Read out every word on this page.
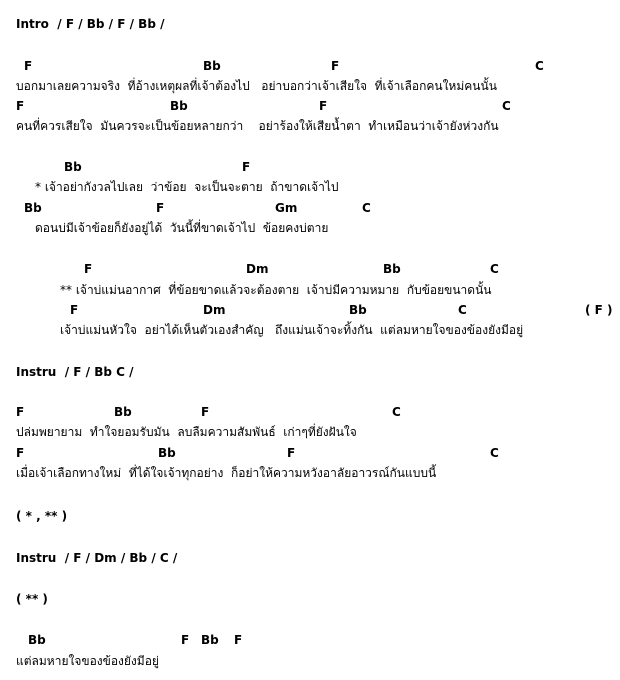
Intro  / F / Bb / F / Bb /
F	Bb	F	C
บอกมาเลยความจริง  ที่อ้างเหตุผลที่เจ้าต้องไป   อย่าบอกว่าเจ้าเสียใจ  ที่เจ้าเลือกคนใหม่คนนั้น
F	Bb	F	C
คนที่ควรเสียใจ  มันควรจะเป็นข้อยหลายกว่า    อย่าร้องให้เสียน้ำตา  ทำเหมือนว่าเจ้ายังห่วงกัน
Bb	F
* เจ้าอย่ากังวลไปเลย  ว่าข้อย  จะเป็นจะตาย  ถ้าขาดเจ้าไป
Bb	F	Gm	C
ดอนบ่มีเจ้าข้อยก็ยังอยู่ได้  วันนี้ที่ขาดเจ้าไป  ข้อยคงบ่ตาย
F	Dm	Bb	C
** เจ้าบ่แม่นอากาศ  ที่ข้อยขาดแล้วจะต้องตาย  เจ้าบ่มีความหมาย  กับข้อยขนาดนั้น
F	Dm	Bb	C	( F )
เจ้าบ่แม่นหัวใจ  อย่าได้เห็นตัวเองสำคัญ   ถึงแม่นเจ้าจะทิ้งกัน  แต่ลมหายใจของข้องยังมีอยู่
Instru  / F / Bb C /
F	Bb	F	C
ปล่มพยายาม  ทำใจยอมรับมัน  ลบลืมความสัมพันธ์  เก่าๆที่ยังฝันใจ
F	Bb	F	C
เมื่อเจ้าเลือกทางใหม่  ที่ได้ใจเจ้าทุกอย่าง  ก็อย่าให้ความหวังอาลัยอาวรณ์กันแบบนี้
( * , ** )
Instru  / F / Dm / Bb / C /
( ** )
Bb	F Bb F
แต่ลมหายใจของข้องยังมีอยู่
